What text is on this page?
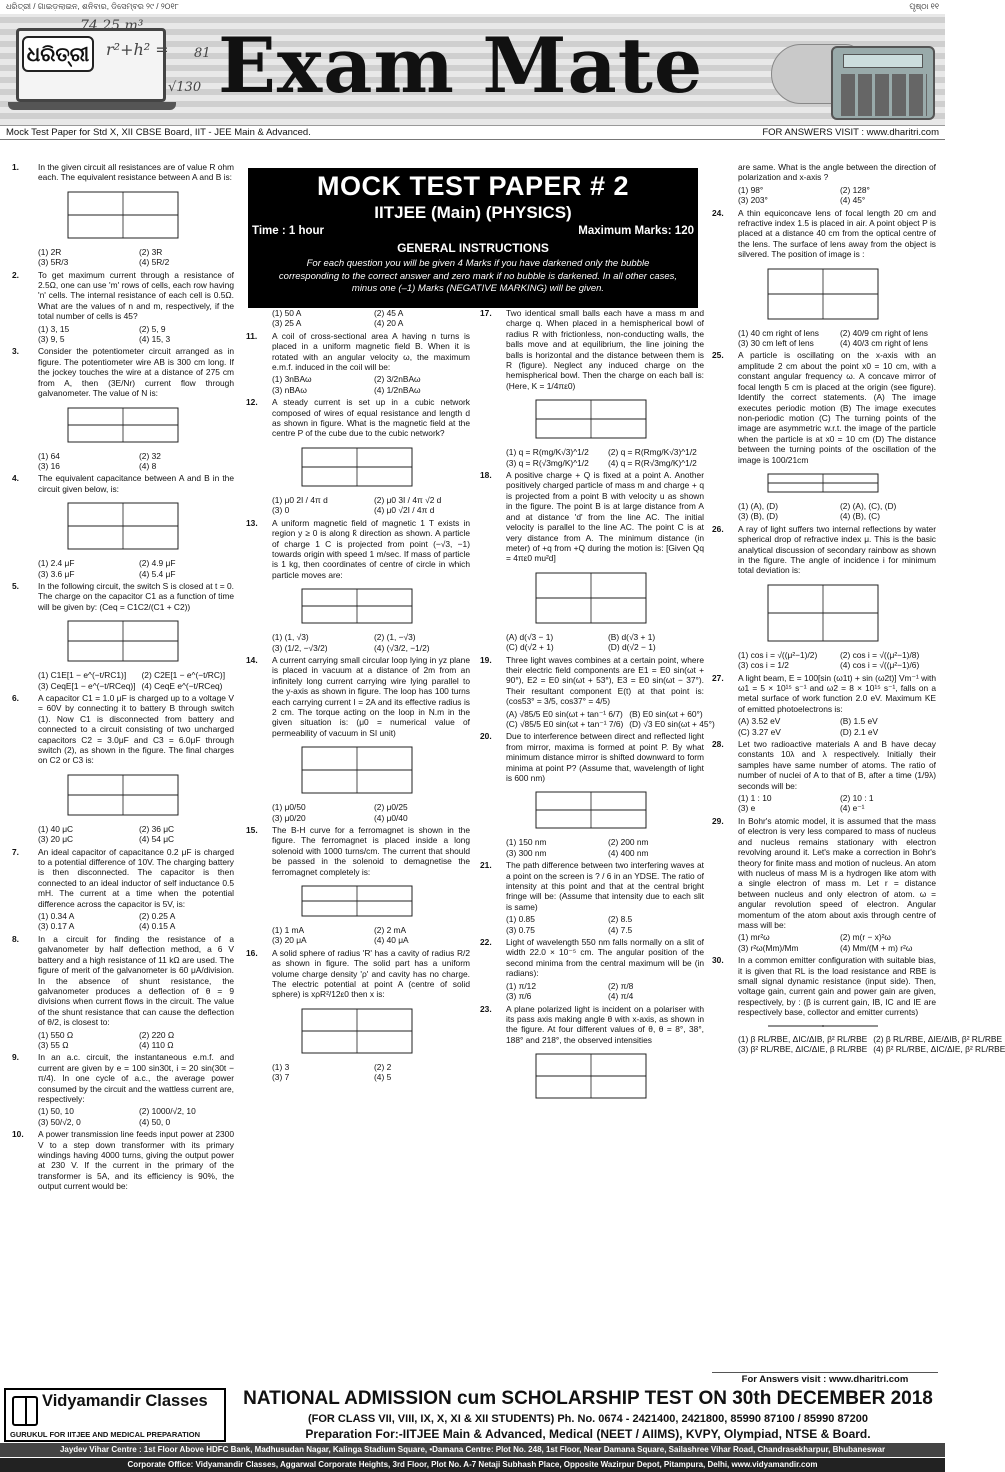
ଧରିତ୍ରୀ / ଗାଇଡ଼ଲାଇନ, ଶନିବାର, ଡିସେମ୍ବର ୨୯ / ୨୦୧୮	ପୃଷ୍ଠା ୧୧
ଧରିତ୍ରୀ
74.25 m³
r²+h² =
√130
81 Exam Mate
Mock Test Paper for Std X, XII CBSE Board, IIT - JEE Main & Advanced.	FOR ANSWERS VISIT : www.dharitri.com
MOCK TEST PAPER # 2
IITJEE (Main) (PHYSICS)
Time : 1 hour	Maximum Marks: 120
GENERAL INSTRUCTIONS
For each question you will be given 4 Marks if you have darkened only the bubble corresponding to the correct answer and zero mark if no bubble is darkened. In all other cases, minus one (–1) Marks (NEGATIVE MARKING) will be given.
1.	In the given circuit all resistances are of value R ohm each. The equivalent resistance between A and B is:
(1) 2R	(2) 3R
(3) 5R/3	(4) 5R/2
2.	To get maximum current through a resistance of 2.5Ω, one can use 'm' rows of cells, each row having 'n' cells. The internal resistance of each cell is 0.5Ω. What are the values of n and m, respectively, if the total number of cells is 45?
(1) 3, 15	(2) 5, 9
(3) 9, 5	(4) 15, 3
3.	Consider the potentiometer circuit arranged as in figure. The potentiometer wire AB is 300 cm long. If the jockey touches the wire at a distance of 275 cm from A, then (3E/Nr) current flow through galvanometer. The value of N is:
(1) 64	(2) 32
(3) 16	(4) 8
4.	The equivalent capacitance between A and B in the circuit given below, is:
(1) 2.4 μF	(2) 4.9 μF
(3) 3.6 μF	(4) 5.4 μF
5.	In the following circuit, the switch S is closed at t = 0. The charge on the capacitor C1 as a function of time will be given by: (Ceq = C1C2/(C1 + C2))
(1) C1E[1 − e^(−t/RC1)]	(2) C2E[1 − e^(−t/RC)]
(3) CeqE[1 − e^(−t/RCeq)] (4) CeqE e^(−t/RCeq)
6.	A capacitor C1 = 1.0 μF is charged up to a voltage V = 60V by connecting it to battery B through switch (1). Now C1 is disconnected from battery and connected to a circuit consisting of two uncharged capacitors C2 = 3.0μF and C3 = 6.0μF through switch (2), as shown in the figure. The final charges on C2 or C3 is:
(1) 40 μC	(2) 36 μC
(3) 20 μC	(4) 54 μC
7.	An ideal capacitor of capacitance 0.2 μF is charged to a potential difference of 10V. The charging battery is then disconnected. The capacitor is then connected to an ideal inductor of self inductance 0.5 mH. The current at a time when the potential difference across the capacitor is 5V, is:
(1) 0.34 A	(2) 0.25 A
(3) 0.17 A	(4) 0.15 A
8.	In a circuit for finding the resistance of a galvanometer by half deflection method, a 6 V battery and a high resistance of 11 kΩ are used. The figure of merit of the galvanometer is 60 μA/division. In the absence of shunt resistance, the galvanometer produces a deflection of θ = 9 divisions when current flows in the circuit. The value of the shunt resistance that can cause the deflection of θ/2, is closest to:
(1) 550 Ω	(2) 220 Ω
(3) 55 Ω	(4) 110 Ω
9.	In an a.c. circuit, the instantaneous e.m.f. and current are given by e = 100 sin30t, i = 20 sin(30t − π/4). In one cycle of a.c., the average power consumed by the circuit and the wattless current are, respectively:
(1) 50, 10	(2) 1000/√2, 10
(3) 50/√2, 0	(4) 50, 0
10.	A power transmission line feeds input power at 2300 V to a step down transformer with its primary windings having 4000 turns, giving the output power at 230 V. If the current in the primary of the transformer is 5A, and its efficiency is 90%, the output current would be:
(1) 50 A	(2) 45 A
(3) 25 A	(4) 20 A
11.	A coil of cross-sectional area A having n turns is placed in a uniform magnetic field B. When it is rotated with an angular velocity ω, the maximum e.m.f. induced in the coil will be:
(1) 3nBAω	(2) 3/2nBAω
(3) nBAω	(4) 1/2nBAω
12.	A steady current is set up in a cubic network composed of wires of equal resistance and length d as shown in figure. What is the magnetic field at the centre P of the cube due to the cubic network?
(1) μ0 2I / 4π d	(2) μ0 3I / 4π √2 d
(3) 0	(4) μ0 √2I / 4π d
13.	A uniform magnetic field of magnetic 1 T exists in region y ≥ 0 is along k̂ direction as shown. A particle of charge 1 C is projected from point (−√3, −1) towards origin with speed 1 m/sec. If mass of particle is 1 kg, then coordinates of centre of circle in which particle moves are:
(1) (1, √3)	(2) (1, −√3)
(3) (1/2, −√3/2)	(4) (√3/2, −1/2)
14.	A current carrying small circular loop lying in yz plane is placed in vacuum at a distance of 2m from an infinitely long current carrying wire lying parallel to the y-axis as shown in figure. The loop has 100 turns each carrying current I = 2A and its effective radius is 2 cm. The torque acting on the loop in N.m in the given situation is: (μ0 = numerical value of permeability of vacuum in SI unit)
(1) μ0/50	(2) μ0/25
(3) μ0/20	(4) μ0/40
15.	The B-H curve for a ferromagnet is shown in the figure. The ferromagnet is placed inside a long solenoid with 1000 turns/cm. The current that should be passed in the solenoid to demagnetise the ferromagnet completely is:
(1) 1 mA	(2) 2 mA
(3) 20 μA	(4) 40 μA
16.	A solid sphere of radius 'R' has a cavity of radius R/2 as shown in figure. The solid part has a uniform volume charge density 'ρ' and cavity has no charge. The electric potential at point A (centre of solid sphere) is xρR²/12ε0 then x is:
(1) 3	(2) 2
(3) 7	(4) 5
17.	Two identical small balls each have a mass m and charge q. When placed in a hemispherical bowl of radius R with frictionless, non-conducting walls, the balls move and at equilibrium, the line joining the balls is horizontal and the distance between them is R (figure). Neglect any induced charge on the hemispherical bowl. Then the charge on each ball is: (Here, K = 1/4πε0)
(1) q = R(mg/K√3)^1/2	(2) q = R(Rmg/K√3)^1/2
(3) q = R(√3mg/K)^1/2	(4) q = R(R√3mg/K)^1/2
18.	A positive charge + Q is fixed at a point A. Another positively charged particle of mass m and charge + q is projected from a point B with velocity u as shown in the figure. The point B is at large distance from A and at distance 'd' from the line AC. The initial velocity is parallel to the line AC. The point C is at very distance from A. The minimum distance (in meter) of +q from +Q during the motion is: [Given Qq = 4πε0 mu²d]
(A) d(√3 − 1)	(B) d(√3 + 1)
(C) d(√2 + 1)	(D) d(√2 − 1)
19.	Three light waves combines at a certain point, where their electric field components are E1 = E0 sin(ωt + 90°), E2 = E0 sin(ωt + 53°), E3 = E0 sin(ωt − 37°). Their resultant component E(t) at that point is: (cos53° = 3/5, cos37° = 4/5)
(A) √85/5 E0 sin(ωt + tan⁻¹ 6/7) (B) E0 sin(ωt + 60°)
(C) √85/5 E0 sin(ωt + tan⁻¹ 7/6) (D) √3 E0 sin(ωt + 45°)
20.	Due to interference between direct and reflected light from mirror, maxima is formed at point P. By what minimum distance mirror is shifted downward to form minima at point P? (Assume that, wavelength of light is 600 nm)
(1) 150 nm	(2) 200 nm
(3) 300 nm	(4) 400 nm
21.	The path difference between two interfering waves at a point on the screen is ? / 6 in an YDSE. The ratio of intensity at this point and that at the central bright fringe will be: (Assume that intensity due to each slit is same)
(1) 0.85	(2) 8.5
(3) 0.75	(4) 7.5
22.	Light of wavelength 550 nm falls normally on a slit of width 22.0 × 10⁻⁵ cm. The angular position of the second minima from the central maximum will be (in radians):
(1) π/12	(2) π/8
(3) π/6	(4) π/4
23.	A plane polarized light is incident on a polariser with its pass axis making angle θ with x-axis, as shown in the figure. At four different values of θ, θ = 8°, 38°, 188° and 218°, the observed intensities
are same. What is the angle between the direction of polarization and x-axis ?
(1) 98°	(2) 128°
(3) 203°	(4) 45°
24.	A thin equiconcave lens of focal length 20 cm and refractive index 1.5 is placed in air. A point object P is placed at a distance 40 cm from the optical centre of the lens. The surface of lens away from the object is silvered. The position of image is :
(1) 40 cm right of lens	(2) 40/9 cm right of lens
(3) 30 cm left of lens	(4) 40/3 cm right of lens
25.	A particle is oscillating on the x-axis with an amplitude 2 cm about the point x0 = 10 cm, with a constant angular frequency ω. A concave mirror of focal length 5 cm is placed at the origin (see figure). Identify the correct statements. (A) The image executes periodic motion (B) The image executes non-periodic motion (C) The turning points of the image are asymmetric w.r.t. the image of the particle when the particle is at x0 = 10 cm (D) The distance between the turning points of the oscillation of the image is 100/21cm
(1) (A), (D)	(2) (A), (C), (D)
(3) (B), (D)	(4) (B), (C)
26.	A ray of light suffers two internal reflections by water spherical drop of refractive index μ. This is the basic analytical discussion of secondary rainbow as shown in the figure. The angle of incidence i for minimum total deviation is:
(1) cos i = √((μ²−1)/2)	(2) cos i = √((μ²−1)/8)
(3) cos i = 1/2	(4) cos i = √((μ²−1)/6)
27.	A light beam, E = 100[sin (ω1t) + sin (ω2t)] Vm⁻¹ with ω1 = 5 × 10¹⁵ s⁻¹ and ω2 = 8 × 10¹⁵ s⁻¹, falls on a metal surface of work function 2.0 eV. Maximum KE of emitted photoelectrons is:
(A) 3.52 eV	(B) 1.5 eV
(C) 3.27 eV	(D) 2.1 eV
28.	Let two radioactive materials A and B have decay constants 10λ and λ respectively. Initially their samples have same number of atoms. The ratio of number of nuclei of A to that of B, after a time (1/9λ) seconds will be:
(1) 1 : 10	(2) 10 : 1
(3) e	(4) e⁻¹
29.	In Bohr's atomic model, it is assumed that the mass of electron is very less compared to mass of nucleus and nucleus remains stationary with electron revolving around it. Let's make a correction in Bohr's theory for finite mass and motion of nucleus. An atom with nucleus of mass M is a hydrogen like atom with a single electron of mass m. Let r = distance between nucleus and only electron of atom. ω = angular revolution speed of electron. Angular momentum of the atom about axis through centre of mass will be:
(1) mr²ω	(2) m(r − x)²ω
(3) r²ω(Mm)/Mm	(4) Mm/(M + m) r²ω
30.	In a common emitter configuration with suitable bias, it is given that RL is the load resistance and RBE is small signal dynamic resistance (input side). Then, voltage gain, current gain and power gain are given, respectively, by : (β is current gain, IB, IC and IE are respectively base, collector and emitter currents)
(1) β RL/RBE, ΔIC/ΔIB, β² RL/RBE (2) β RL/RBE, ΔIE/ΔIB, β² RL/RBE
(3) β² RL/RBE, ΔIC/ΔIE, β RL/RBE (4) β² RL/RBE, ΔIC/ΔIE, β² RL/RBE
For Answers visit : www.dharitri.com
Vidyamandir Classes
GURUKUL FOR IITJEE AND MEDICAL PREPARATION
NATIONAL ADMISSION cum SCHOLARSHIP TEST ON 30th DECEMBER 2018
(FOR CLASS VII, VIII, IX, X, XI & XII STUDENTS) Ph. No. 0674 - 2421400, 2421800, 85990 87100 / 85990 87200
Preparation For:-IITJEE Main & Advanced, Medical (NEET / AIIMS), KVPY, Olympiad, NTSE & Board.
Jaydev Vihar Centre : 1st Floor Above HDFC Bank, Madhusudan Nagar, Kalinga Stadium Square, •Damana Centre: Plot No. 248, 1st Floor, Near Damana Square, Sailashree Vihar Road, Chandrasekharpur, Bhubaneswar
Corporate Office: Vidyamandir Classes, Aggarwal Corporate Heights, 3rd Floor, Plot No. A-7 Netaji Subhash Place, Opposite Wazirpur Depot, Pitampura, Delhi, www.vidyamandir.com
